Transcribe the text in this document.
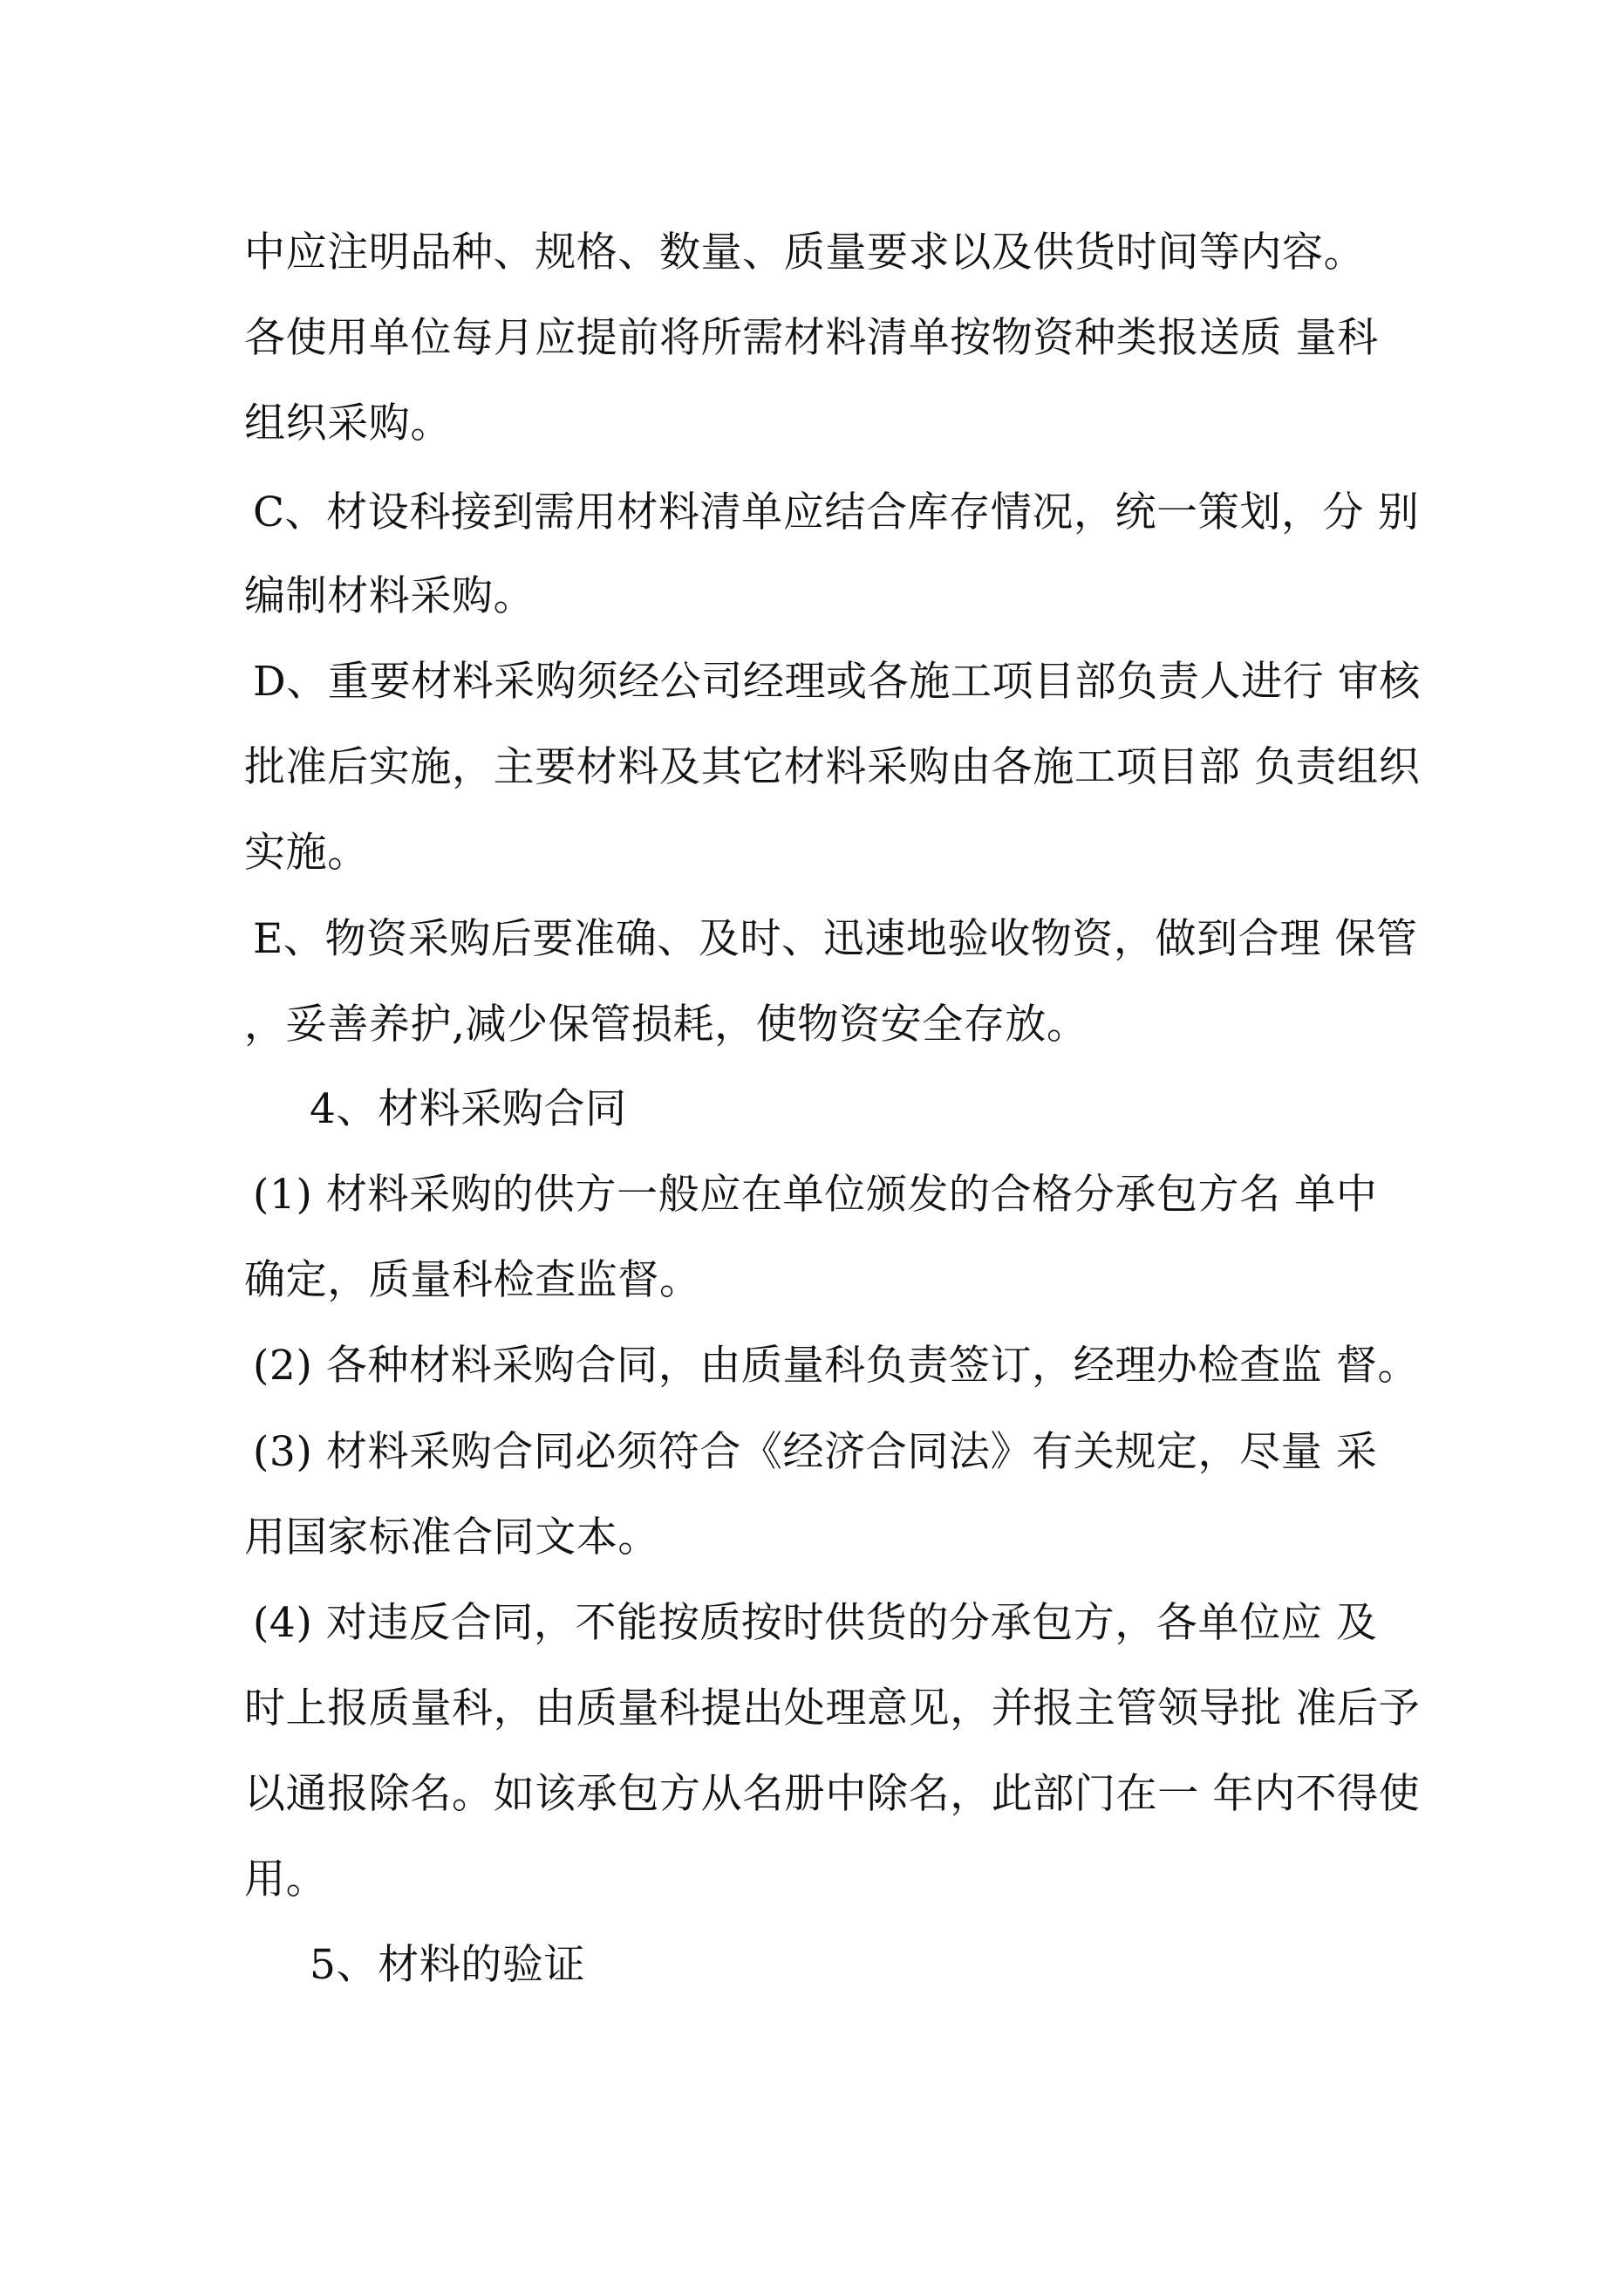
中应注明品种、规格、数量、质量要求以及供货时间等内容。
各使用单位每月应提前将所需材料清单按物资种类报送质 量科
组织采购。
C、材设科接到需用材料清单应结合库存情况，统一策划，分 别
编制材料采购。
D、重要材料采购须经公司经理或各施工项目部负责人进行 审核
批准后实施，主要材料及其它材料采购由各施工项目部 负责组织
实施。
E、物资采购后要准确、及时、迅速地验收物资，做到合理 保管
，妥善养护,减少保管损耗，使物资安全存放。
4、材料采购合同
(1) 材料采购的供方一般应在单位颁发的合格分承包方名 单中
确定，质量科检查监督。
(2) 各种材料采购合同，由质量科负责签订，经理办检查监 督。
(3) 材料采购合同必须符合《经济合同法》有关规定，尽量 采
用国家标准合同文本。
(4) 对违反合同，不能按质按时供货的分承包方，各单位应 及
时上报质量科，由质量科提出处理意见，并报主管领导批 准后予
以通报除名。如该承包方从名册中除名，此部门在一 年内不得使
用。
5、材料的验证
